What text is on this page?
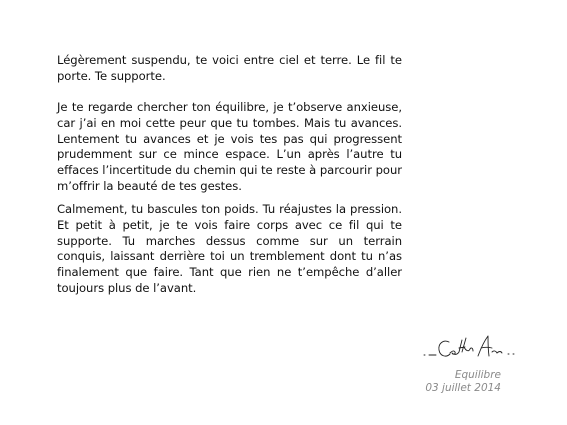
Légèrement suspendu, te voici entre ciel et terre. Le fil te porte. Te supporte.

Je te regarde chercher ton équilibre, je t’observe anxieuse, car j’ai en moi cette peur que tu tombes. Mais tu avances. Lentement tu avances et je vois tes pas qui progressent prudemment sur ce mince espace. L’un après l’autre tu effaces l’incertitude du chemin qui te reste à parcourir pour m’offrir la beauté de tes gestes.

Calmement, tu bascules ton poids. Tu réajustes la pression. Et petit à petit, je te vois faire corps avec ce fil qui te supporte. Tu marches dessus comme sur un terrain conquis, laissant derrière toi un tremblement dont tu n’as finalement que faire. Tant que rien ne t’empêche d’aller toujours plus de l’avant.

Equilibre
03 juillet 2014
